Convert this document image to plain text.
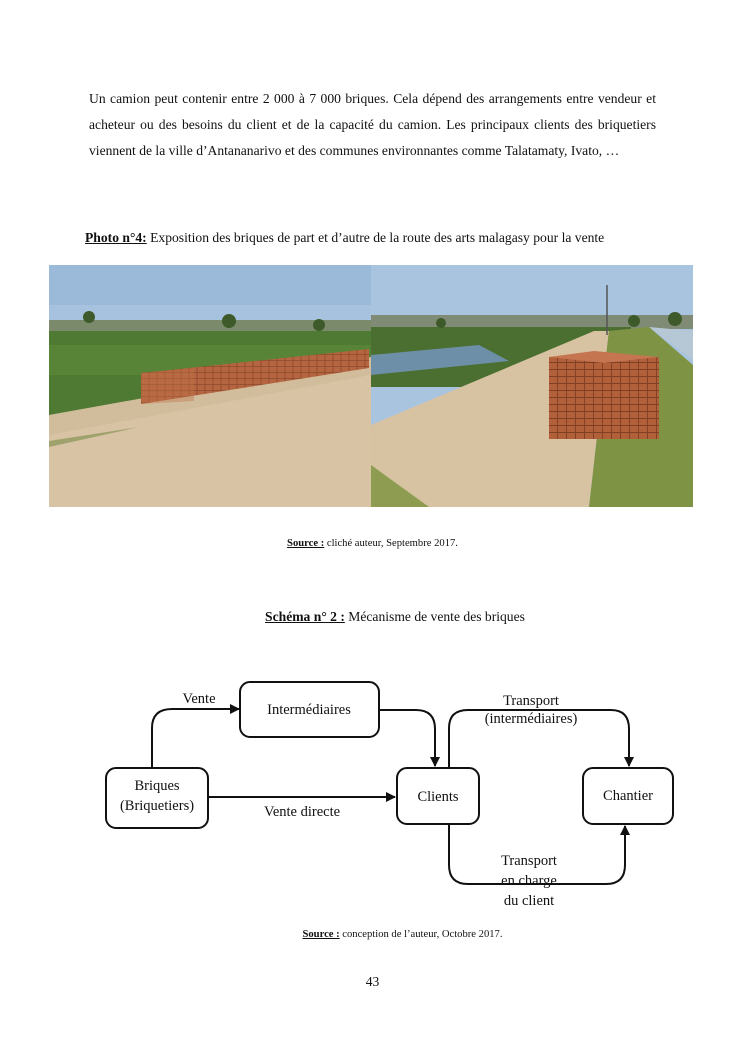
Un camion peut contenir entre 2 000 à 7 000 briques. Cela dépend des arrangements entre vendeur et acheteur ou des besoins du client et de la capacité du camion. Les principaux clients des briquetiers viennent de la ville d’Antananarivo et des communes environnantes comme Talatamaty, Ivato, …

Photo n°4: Exposition des briques de part et d’autre de la route des arts malagasy pour la vente
Source : cliché auteur, Septembre 2017.
Schéma n° 2 : Mécanisme de vente des briques
Briques
(Briquetiers)
Intermédiaires
Clients	Chantier
Vente
Vente directe
Transport
(intermédiaires)
Transport
en charge
du client
Source : conception de l’auteur, Octobre 2017.
43
